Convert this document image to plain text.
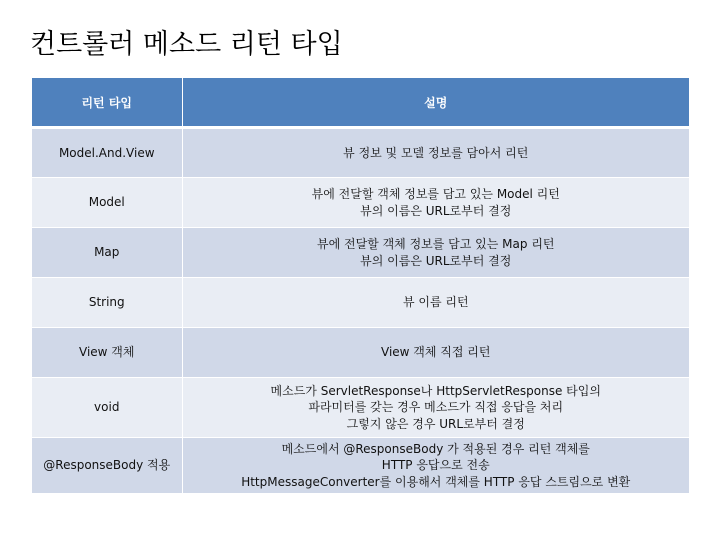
컨트롤러 메소드 리턴 타입
리턴 타입	설명
Model.And.View	뷰 정보 및 모델 정보를 담아서 리턴

Model	뷰에 전달할 객체 정보를 담고 있는 Model 리턴
뷰의 이름은 URL로부터 결정

Map	뷰에 전달할 객체 정보를 담고 있는 Map 리턴
뷰의 이름은 URL로부터 결정

String	뷰 이름 리턴

View 객체	View 객체 직접 리턴

void	메소드가 ServletResponse나 HttpServletResponse 타입의
파라미터를 갖는 경우 메소드가 직접 응답을 처리
그렇지 않은 경우 URL로부터 결정

@ResponseBody 적용	메소드에서 @ResponseBody 가 적용된 경우 리턴 객체를
HTTP 응답으로 전송
HttpMessageConverter를 이용해서 객체를 HTTP 응답 스트림으로 변환
